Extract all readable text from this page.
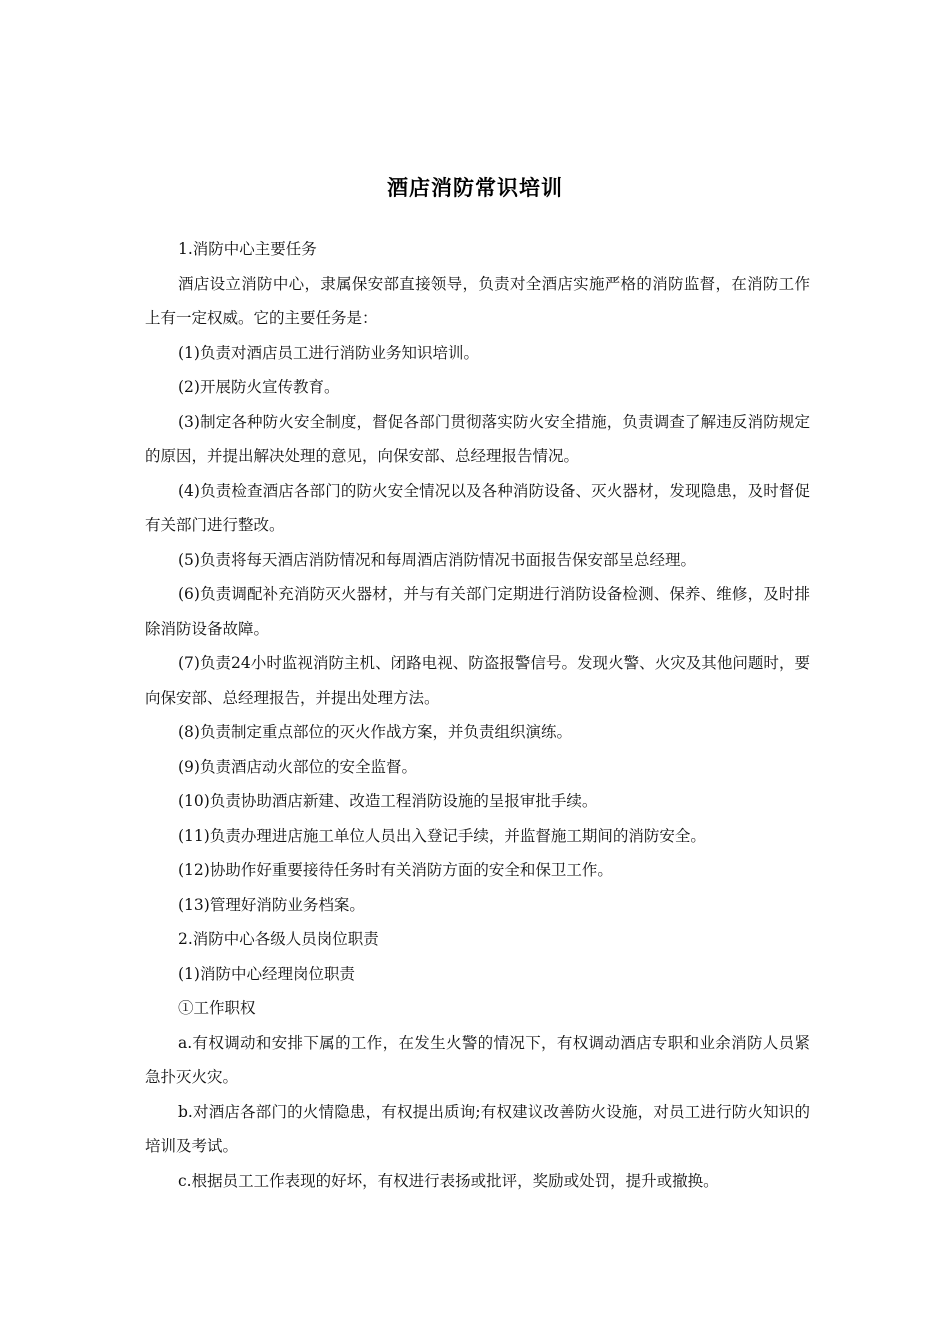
酒店消防常识培训

1.消防中心主要任务

酒店设立消防中心，隶属保安部直接领导，负责对全酒店实施严格的消防监督，在消防工作上有一定权威。它的主要任务是：

(1)负责对酒店员工进行消防业务知识培训。

(2)开展防火宣传教育。

(3)制定各种防火安全制度，督促各部门贯彻落实防火安全措施，负责调查了解违反消防规定的原因，并提出解决处理的意见，向保安部、总经理报告情况。

(4)负责检查酒店各部门的防火安全情况以及各种消防设备、灭火器材，发现隐患，及时督促有关部门进行整改。

(5)负责将每天酒店消防情况和每周酒店消防情况书面报告保安部呈总经理。

(6)负责调配补充消防灭火器材，并与有关部门定期进行消防设备检测、保养、维修，及时排除消防设备故障。

(7)负责24小时监视消防主机、闭路电视、防盗报警信号。发现火警、火灾及其他问题时，要向保安部、总经理报告，并提出处理方法。

(8)负责制定重点部位的灭火作战方案，并负责组织演练。

(9)负责酒店动火部位的安全监督。

(10)负责协助酒店新建、改造工程消防设施的呈报审批手续。

(11)负责办理进店施工单位人员出入登记手续，并监督施工期间的消防安全。

(12)协助作好重要接待任务时有关消防方面的安全和保卫工作。

(13)管理好消防业务档案。

2.消防中心各级人员岗位职责

(1)消防中心经理岗位职责

①工作职权

a.有权调动和安排下属的工作，在发生火警的情况下，有权调动酒店专职和业余消防人员紧急扑灭火灾。

b.对酒店各部门的火情隐患，有权提出质询;有权建议改善防火设施，对员工进行防火知识的培训及考试。

c.根据员工工作表现的好坏，有权进行表扬或批评，奖励或处罚，提升或撤换。
